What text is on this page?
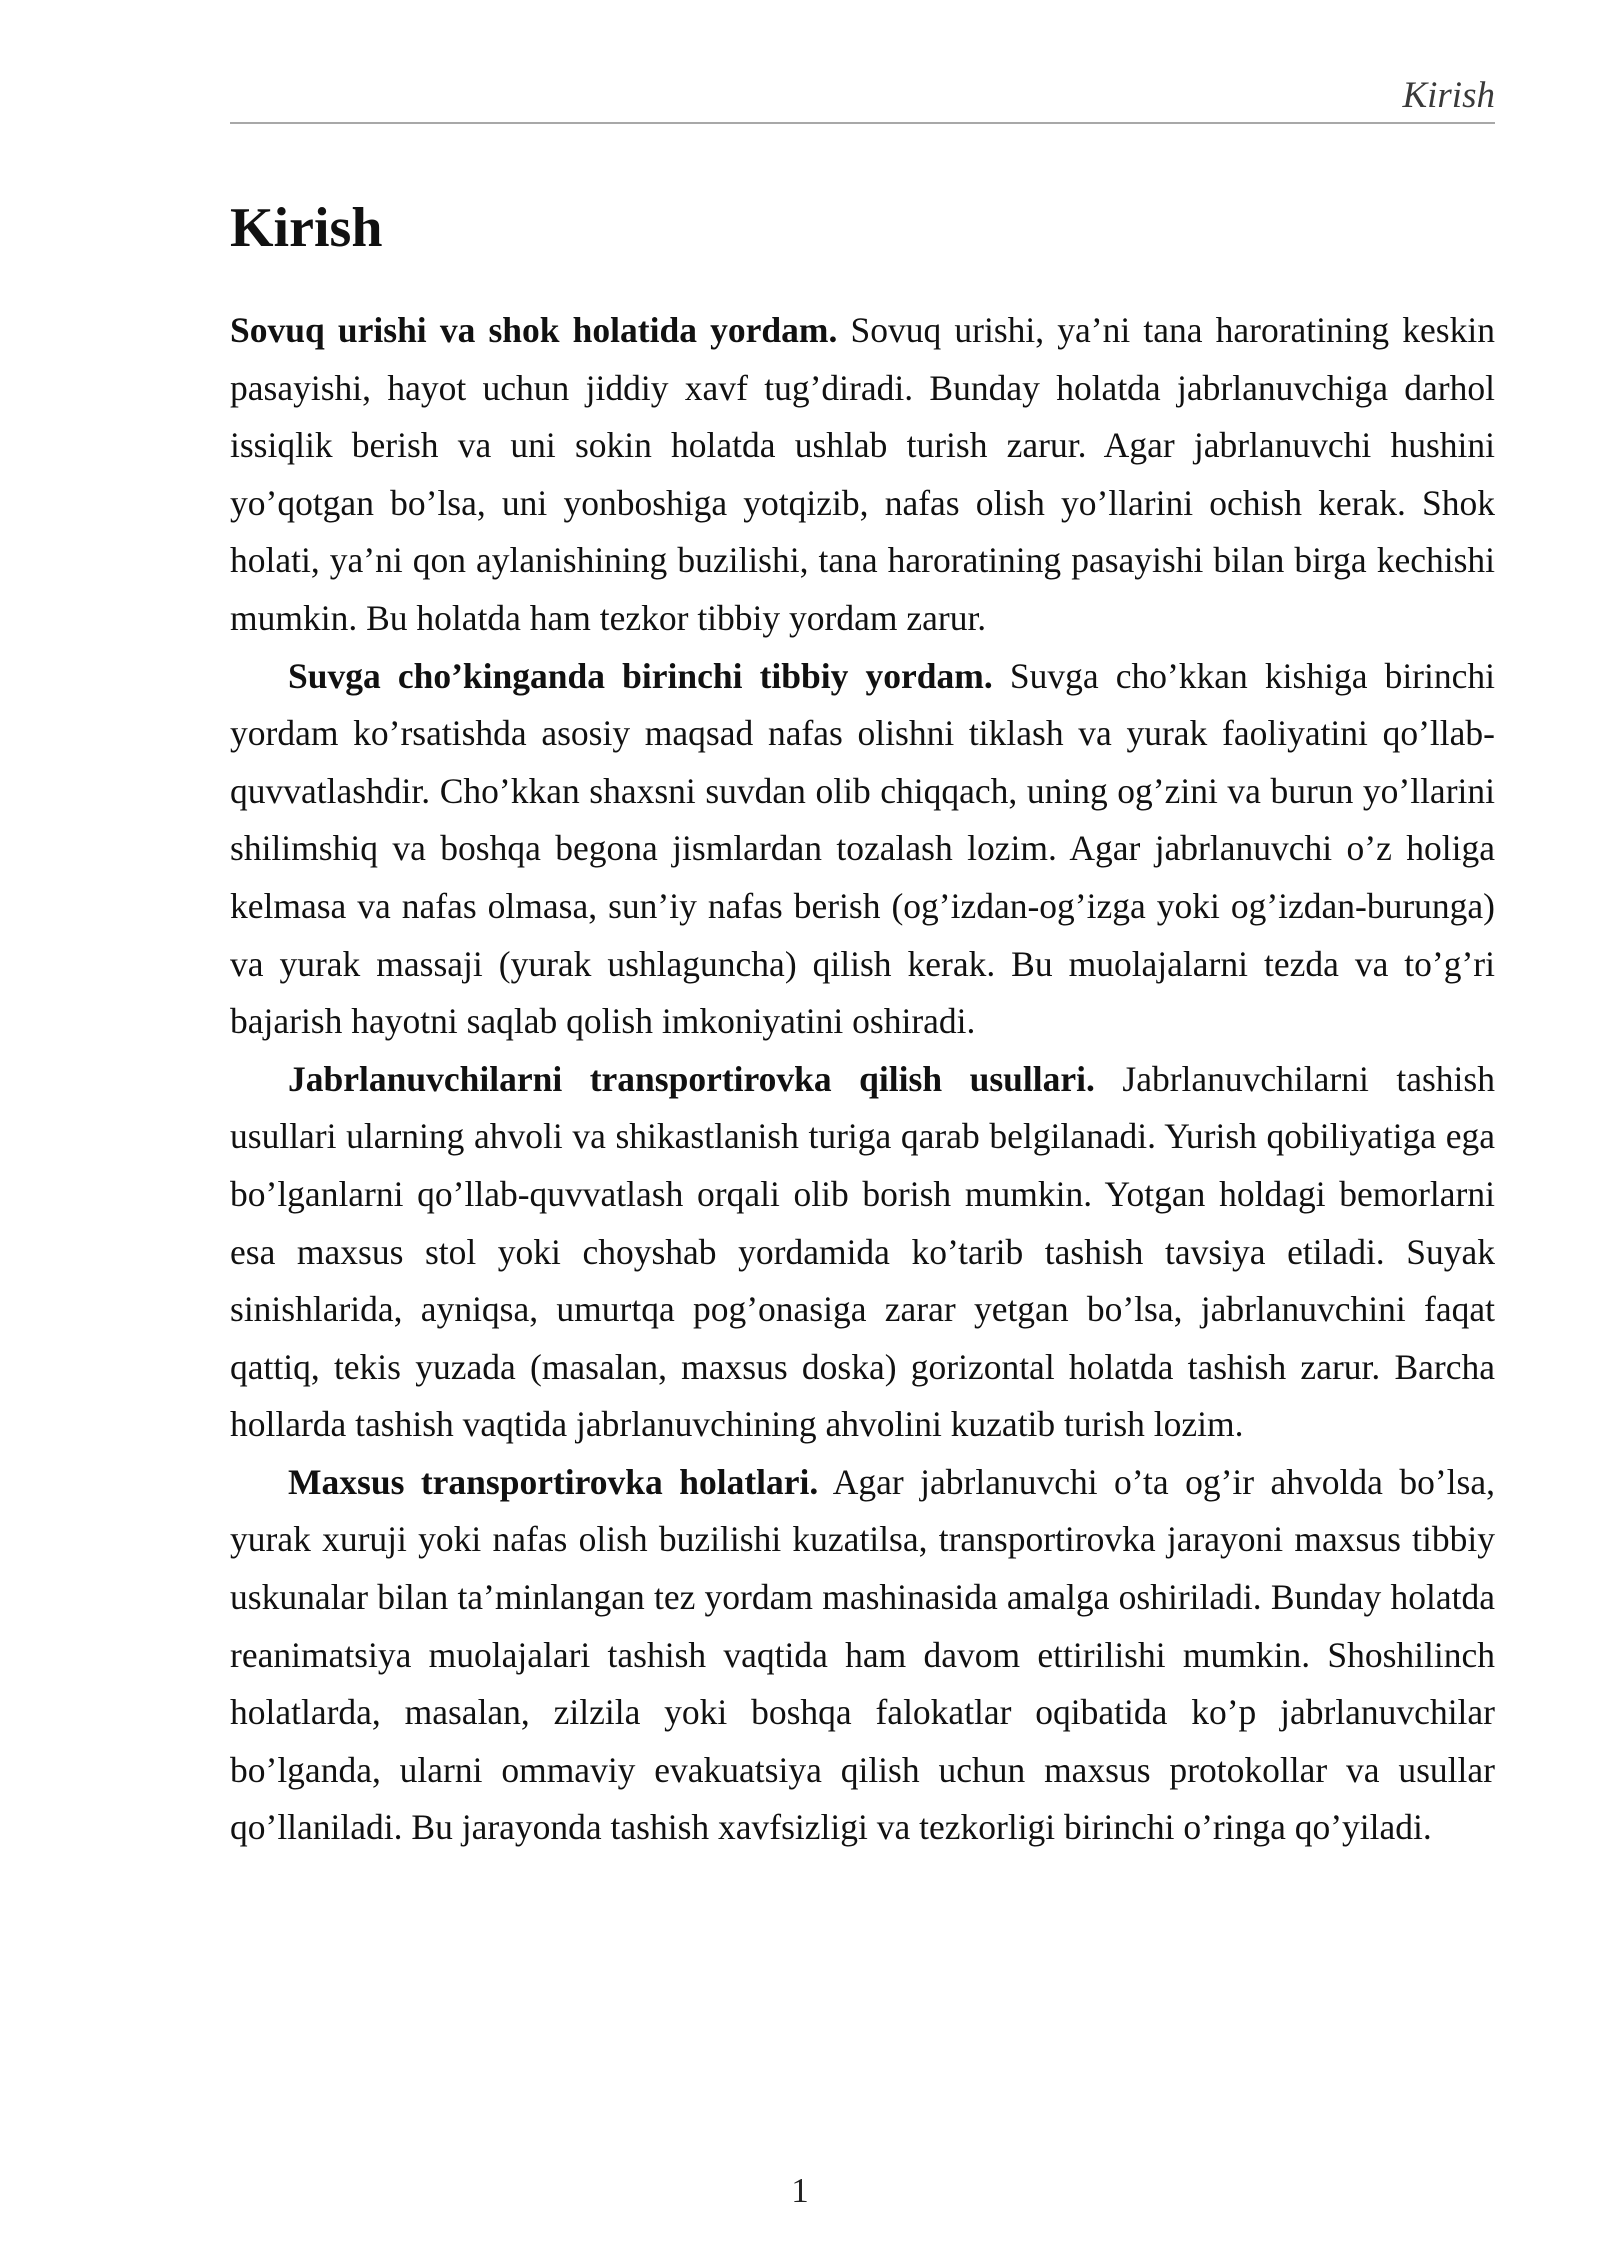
Kirish
Kirish

Sovuq urishi va shok holatida yordam. Sovuq urishi, ya’ni tana haroratining keskin pasayishi, hayot uchun jiddiy xavf tug’diradi. Bunday holatda jabrlanuvchiga darhol issiqlik berish va uni sokin holatda ushlab turish zarur. Agar jabrlanuvchi hushini yo’qotgan bo’lsa, uni yonboshiga yotqizib, nafas olish yo’llarini ochish kerak. Shok holati, ya’ni qon aylanishining buzilishi, tana haroratining pasayishi bilan birga kechishi mumkin. Bu holatda ham tezkor tibbiy yordam zarur.

Suvga cho’kinganda birinchi tibbiy yordam. Suvga cho’kkan kishiga birinchi yordam ko’rsatishda asosiy maqsad nafas olishni tiklash va yurak faoliyatini qo’llab-quvvatlashdir. Cho’kkan shaxsni suvdan olib chiqqach, uning og’zini va burun yo’llarini shilimshiq va boshqa begona jismlardan tozalash lozim. Agar jabrlanuvchi o’z holiga kelmasa va nafas olmasa, sun’iy nafas berish (og’izdan-og’izga yoki og’izdan-burunga) va yurak massaji (yurak ushlaguncha) qilish kerak. Bu muolajalarni tezda va to’g’ri bajarish hayotni saqlab qolish imkoniyatini oshiradi.

Jabrlanuvchilarni transportirovka qilish usullari. Jabrlanuvchilarni tashish usullari ularning ahvoli va shikastlanish turiga qarab belgilanadi. Yurish qobiliyatiga ega bo’lganlarni qo’llab-quvvatlash orqali olib borish mumkin. Yotgan holdagi bemorlarni esa maxsus stol yoki choyshab yordamida ko’tarib tashish tavsiya etiladi. Suyak sinishlarida, ayniqsa, umurtqa pog’onasiga zarar yetgan bo’lsa, jabrlanuvchini faqat qattiq, tekis yuzada (masalan, maxsus doska) gorizontal holatda tashish zarur. Barcha hollarda tashish vaqtida jabrlanuvchining ahvolini kuzatib turish lozim.

Maxsus transportirovka holatlari. Agar jabrlanuvchi o’ta og’ir ahvolda bo’lsa, yurak xuruji yoki nafas olish buzilishi kuzatilsa, transportirovka jarayoni maxsus tibbiy uskunalar bilan ta’minlangan tez yordam mashinasida amalga oshiriladi. Bunday holatda reanimatsiya muolajalari tashish vaqtida ham davom ettirilishi mumkin. Shoshilinch holatlarda, masalan, zilzila yoki boshqa falokatlar oqibatida ko’p jabrlanuvchilar bo’lganda, ularni ommaviy evakuatsiya qilish uchun maxsus protokollar va usullar qo’llaniladi. Bu jarayonda tashish xavfsizligi va tezkorligi birinchi o’ringa qo’yiladi.

1
